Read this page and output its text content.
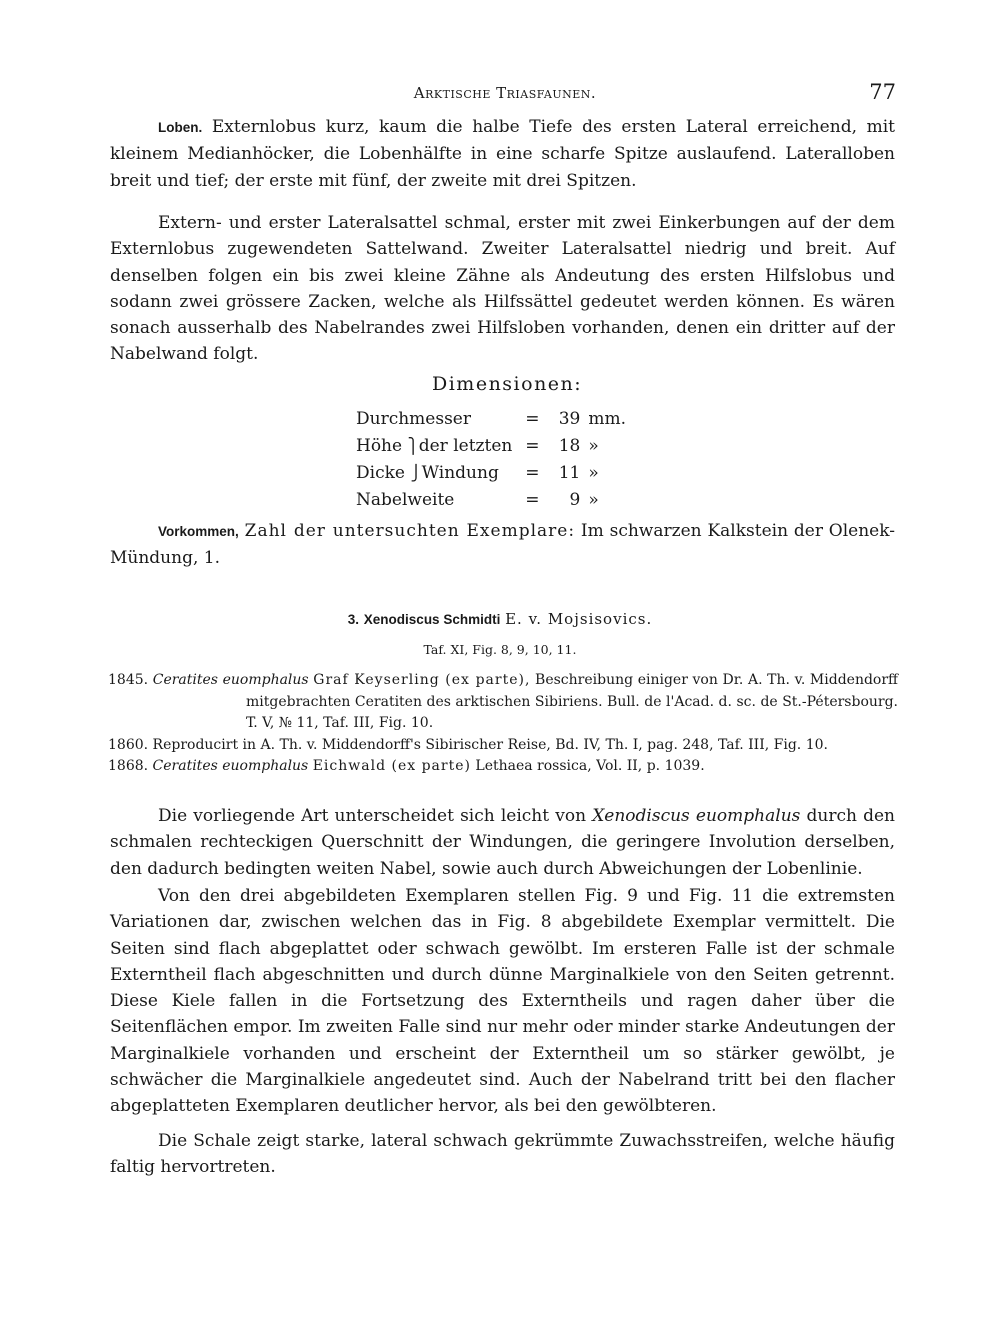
Arktische Triasfaunen.	77

Loben. Externlobus kurz, kaum die halbe Tiefe des ersten Lateral erreichend, mit kleinem Medianhöcker, die Lobenhälfte in eine scharfe Spitze auslaufend. Lateralloben breit und tief; der erste mit fünf, der zweite mit drei Spitzen.

Extern- und erster Lateralsattel schmal, erster mit zwei Einkerbungen auf der dem Externlobus zugewendeten Sattelwand. Zweiter Lateralsattel niedrig und breit. Auf denselben folgen ein bis zwei kleine Zähne als Andeutung des ersten Hilfslobus und sodann zwei grössere Zacken, welche als Hilfssättel gedeutet werden können. Es wären sonach ausserhalb des Nabelrandes zwei Hilfsloben vorhanden, denen ein dritter auf der Nabelwand folgt.

Dimensionen:
Durchmesser	=	39	mm.
Höhe ⎫der letzten	=	18	»
Dicke ⎭Windung	=	11	»
Nabelweite	=	9	»

Vorkommen, Zahl der untersuchten Exemplare: Im schwarzen Kalkstein der Olenek-Mündung, 1.

3. Xenodiscus Schmidti E. v. Mojsisovics.
Taf. XI, Fig. 8, 9, 10, 11.
1845. Ceratites euomphalus Graf Keyserling (ex parte), Beschreibung einiger von Dr. A. Th. v. Middendorff mitgebrachten Ceratiten des arktischen Sibiriens. Bull. de l'Acad. d. sc. de St.-Pétersbourg. T. V, № 11, Taf. III, Fig. 10.
1860. Reproducirt in A. Th. v. Middendorff's Sibirischer Reise, Bd. IV, Th. I, pag. 248, Taf. III, Fig. 10.
1868. Ceratites euomphalus Eichwald (ex parte) Lethaea rossica, Vol. II, p. 1039.

Die vorliegende Art unterscheidet sich leicht von Xenodiscus euomphalus durch den schmalen rechteckigen Querschnitt der Windungen, die geringere Involution derselben, den dadurch bedingten weiten Nabel, sowie auch durch Abweichungen der Lobenlinie.

Von den drei abgebildeten Exemplaren stellen Fig. 9 und Fig. 11 die extremsten Variationen dar, zwischen welchen das in Fig. 8 abgebildete Exemplar vermittelt. Die Seiten sind flach abgeplattet oder schwach gewölbt. Im ersteren Falle ist der schmale Externtheil flach abgeschnitten und durch dünne Marginalkiele von den Seiten getrennt. Diese Kiele fallen in die Fortsetzung des Externtheils und ragen daher über die Seitenflächen empor. Im zweiten Falle sind nur mehr oder minder starke Andeutungen der Marginalkiele vorhanden und erscheint der Externtheil um so stärker gewölbt, je schwächer die Marginalkiele angedeutet sind. Auch der Nabelrand tritt bei den flacher abgeplatteten Exemplaren deutlicher hervor, als bei den gewölbteren.

Die Schale zeigt starke, lateral schwach gekrümmte Zuwachsstreifen, welche häufig faltig hervortreten.
